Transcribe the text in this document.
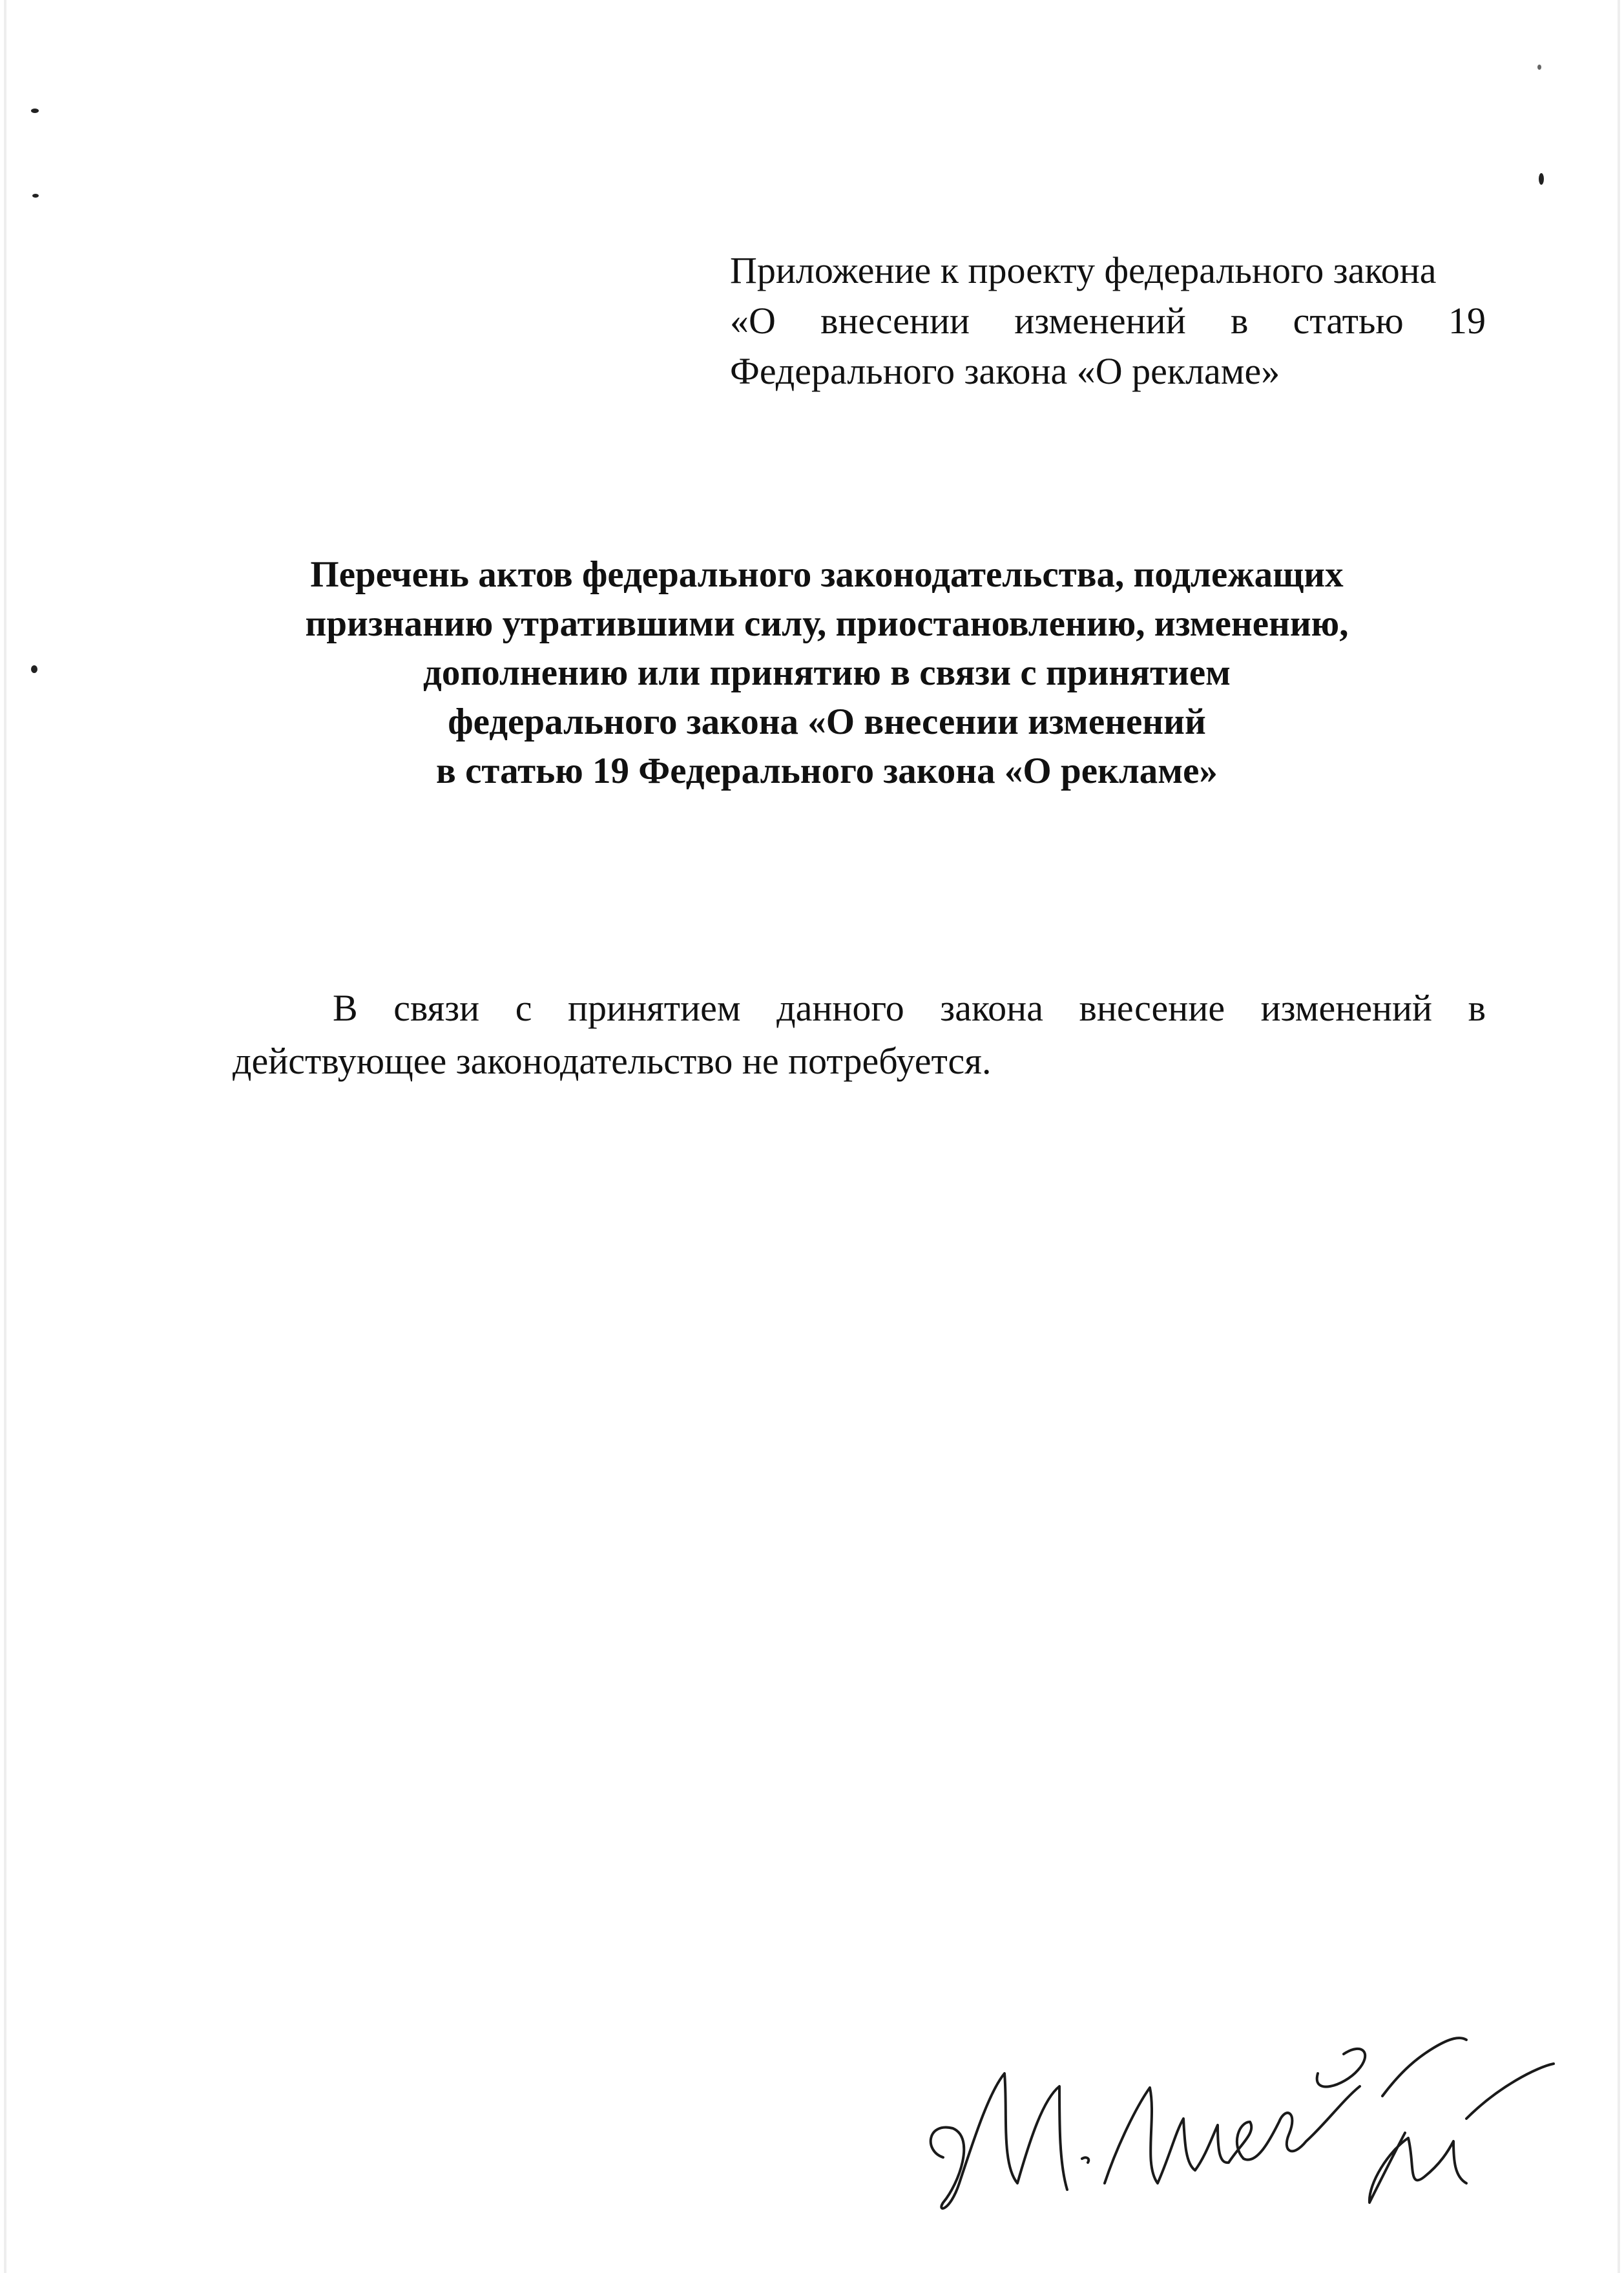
Приложение к проекту федерального закона
«О внесении изменений в статью 19
Федерального закона «О рекламе»
Перечень актов федерального законодательства, подлежащих
признанию утратившими силу, приостановлению, изменению,
дополнению или принятию в связи с принятием
федерального закона «О внесении изменений
в статью 19 Федерального закона «О рекламе»
В связи с принятием данного закона внесение изменений в
действующее законодательство не потребуется.
